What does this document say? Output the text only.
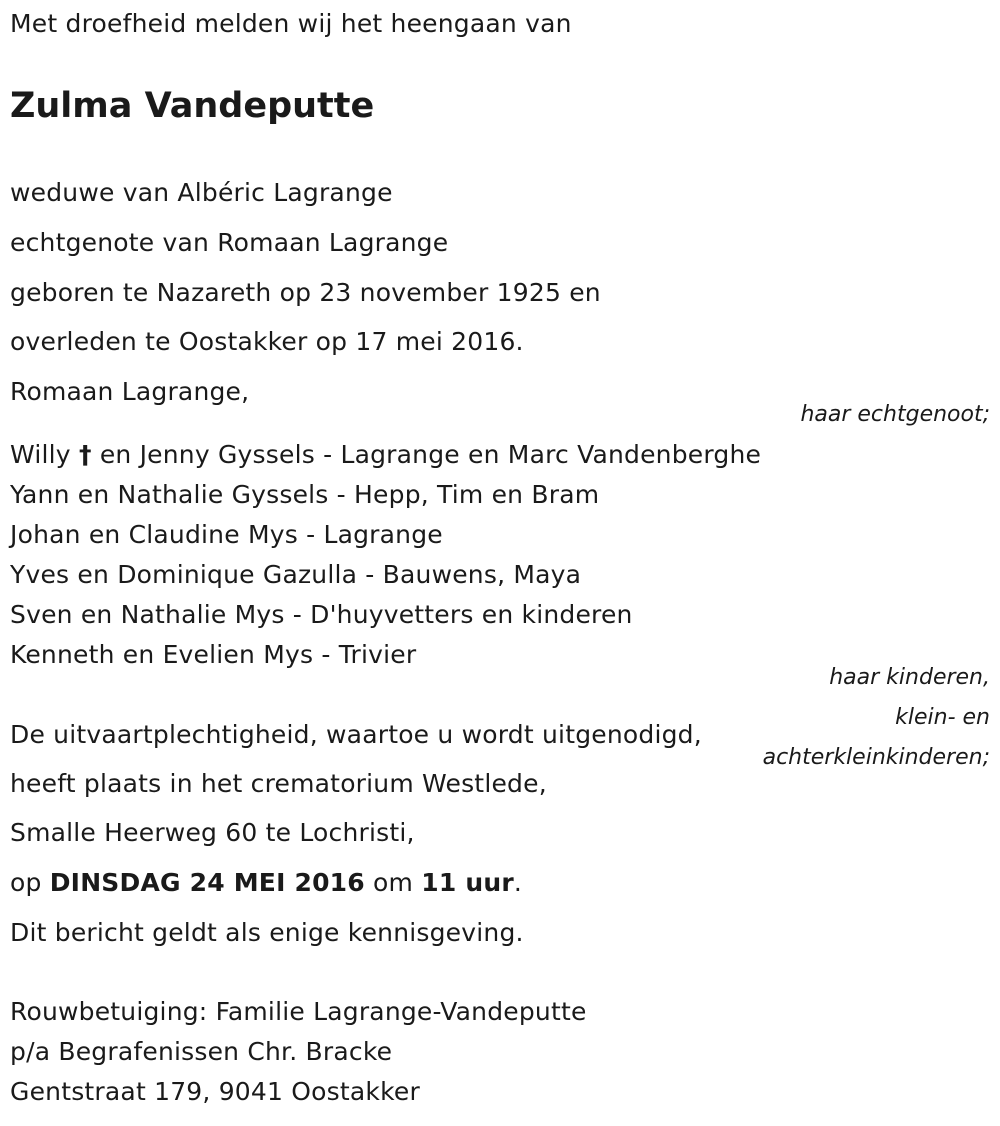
Met droefheid melden wij het heengaan van
Zulma Vandeputte
weduwe van Albéric Lagrange
echtgenote van Romaan Lagrange
geboren te Nazareth op 23 november 1925 en
overleden te Oostakker op 17 mei 2016.
Romaan Lagrange,
haar echtgenoot;
Willy † en Jenny Gyssels - Lagrange en Marc Vandenberghe
Yann en Nathalie Gyssels - Hepp, Tim en Bram
Johan en Claudine Mys - Lagrange
Yves en Dominique Gazulla - Bauwens, Maya
Sven en Nathalie Mys - D'huyvetters en kinderen
Kenneth en Evelien Mys - Trivier
haar kinderen,
klein- en
achterkleinkinderen;
De uitvaartplechtigheid, waartoe u wordt uitgenodigd,
heeft plaats in het crematorium Westlede,
Smalle Heerweg 60 te Lochristi,
op DINSDAG 24 MEI 2016 om 11 uur.
Dit bericht geldt als enige kennisgeving.
Rouwbetuiging: Familie Lagrange-Vandeputte
p/a Begrafenissen Chr. Bracke
Gentstraat 179, 9041 Oostakker
